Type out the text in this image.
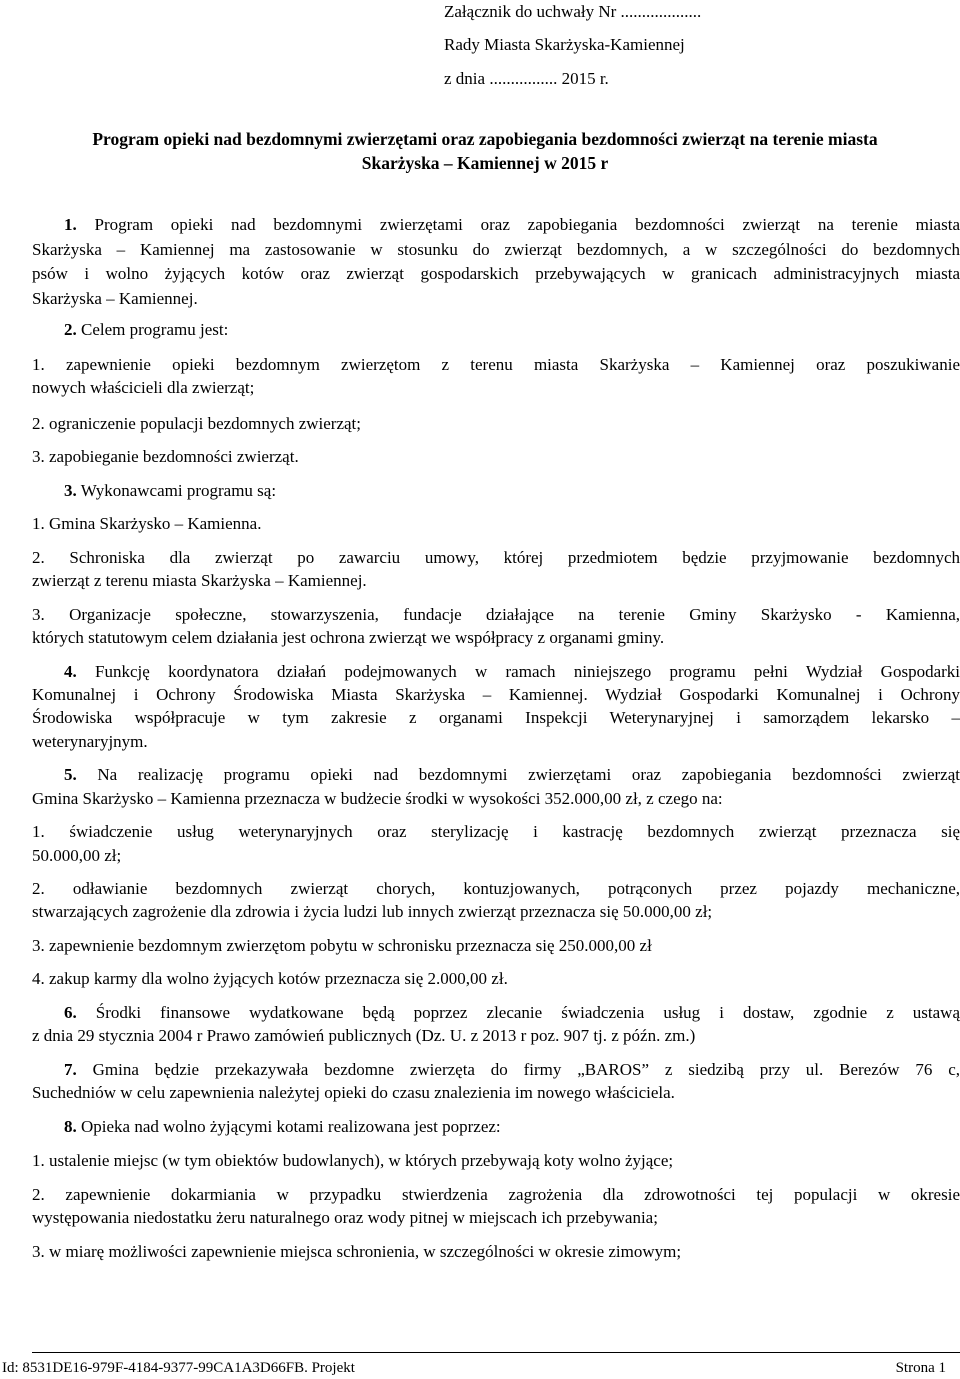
Załącznik do uchwały Nr ...................
Rady Miasta Skarżyska-Kamiennej
z dnia ................ 2015 r.
Program opieki nad bezdomnymi zwierzętami oraz zapobiegania bezdomności zwierząt na terenie miasta
Skarżyska – Kamiennej w 2015 r
1. Program opieki nad bezdomnymi zwierzętami oraz zapobiegania bezdomności zwierząt na terenie miasta
Skarżyska – Kamiennej ma zastosowanie w stosunku do zwierząt bezdomnych, a w szczególności do bezdomnych
psów i wolno żyjących kotów oraz zwierząt gospodarskich przebywających w granicach administracyjnych miasta
Skarżyska – Kamiennej.
2. Celem programu jest:
1. zapewnienie opieki bezdomnym zwierzętom z terenu miasta Skarżyska – Kamiennej oraz poszukiwanie
nowych właścicieli dla zwierząt;
2. ograniczenie populacji bezdomnych zwierząt;
3. zapobieganie bezdomności zwierząt.
3. Wykonawcami programu są:
1. Gmina Skarżysko – Kamienna.
2. Schroniska dla zwierząt po zawarciu umowy, której przedmiotem będzie przyjmowanie bezdomnych
zwierząt z terenu miasta Skarżyska – Kamiennej.
3. Organizacje społeczne, stowarzyszenia, fundacje działające na terenie Gminy Skarżysko - Kamienna,
których statutowym celem działania jest ochrona zwierząt we współpracy z organami gminy.
4. Funkcję koordynatora działań podejmowanych w ramach niniejszego programu pełni Wydział Gospodarki
Komunalnej i Ochrony Środowiska Miasta Skarżyska – Kamiennej. Wydział Gospodarki Komunalnej i Ochrony
Środowiska współpracuje w tym zakresie z organami Inspekcji Weterynaryjnej i samorządem lekarsko –
weterynaryjnym.
5. Na realizację programu opieki nad bezdomnymi zwierzętami oraz zapobiegania bezdomności zwierząt
Gmina Skarżysko – Kamienna przeznacza w budżecie środki w wysokości 352.000,00 zł, z czego na:
1. świadczenie usług weterynaryjnych oraz sterylizację i kastrację bezdomnych zwierząt przeznacza się
50.000,00 zł;
2. odławianie bezdomnych zwierząt chorych, kontuzjowanych, potrąconych przez pojazdy mechaniczne,
stwarzających zagrożenie dla zdrowia i życia ludzi lub innych zwierząt przeznacza się 50.000,00 zł;
3. zapewnienie bezdomnym zwierzętom pobytu w schronisku przeznacza się 250.000,00 zł
4. zakup karmy dla wolno żyjących kotów przeznacza się 2.000,00 zł.
6. Środki finansowe wydatkowane będą poprzez zlecanie świadczenia usług i dostaw, zgodnie z ustawą
z dnia 29 stycznia 2004 r Prawo zamówień publicznych (Dz. U. z 2013 r poz. 907 tj. z późn. zm.)
7. Gmina będzie przekazywała bezdomne zwierzęta do firmy „BAROS” z siedzibą przy ul. Berezów 76 c,
Suchedniów w celu zapewnienia należytej opieki do czasu znalezienia im nowego właściciela.
8. Opieka nad wolno żyjącymi kotami realizowana jest poprzez:
1. ustalenie miejsc (w tym obiektów budowlanych), w których przebywają koty wolno żyjące;
2. zapewnienie dokarmiania w przypadku stwierdzenia zagrożenia dla zdrowotności tej populacji w okresie
występowania niedostatku żeru naturalnego oraz wody pitnej w miejscach ich przebywania;
3. w miarę możliwości zapewnienie miejsca schronienia, w szczególności w okresie zimowym;
Id: 8531DE16-979F-4184-9377-99CA1A3D66FB. Projekt	Strona 1
